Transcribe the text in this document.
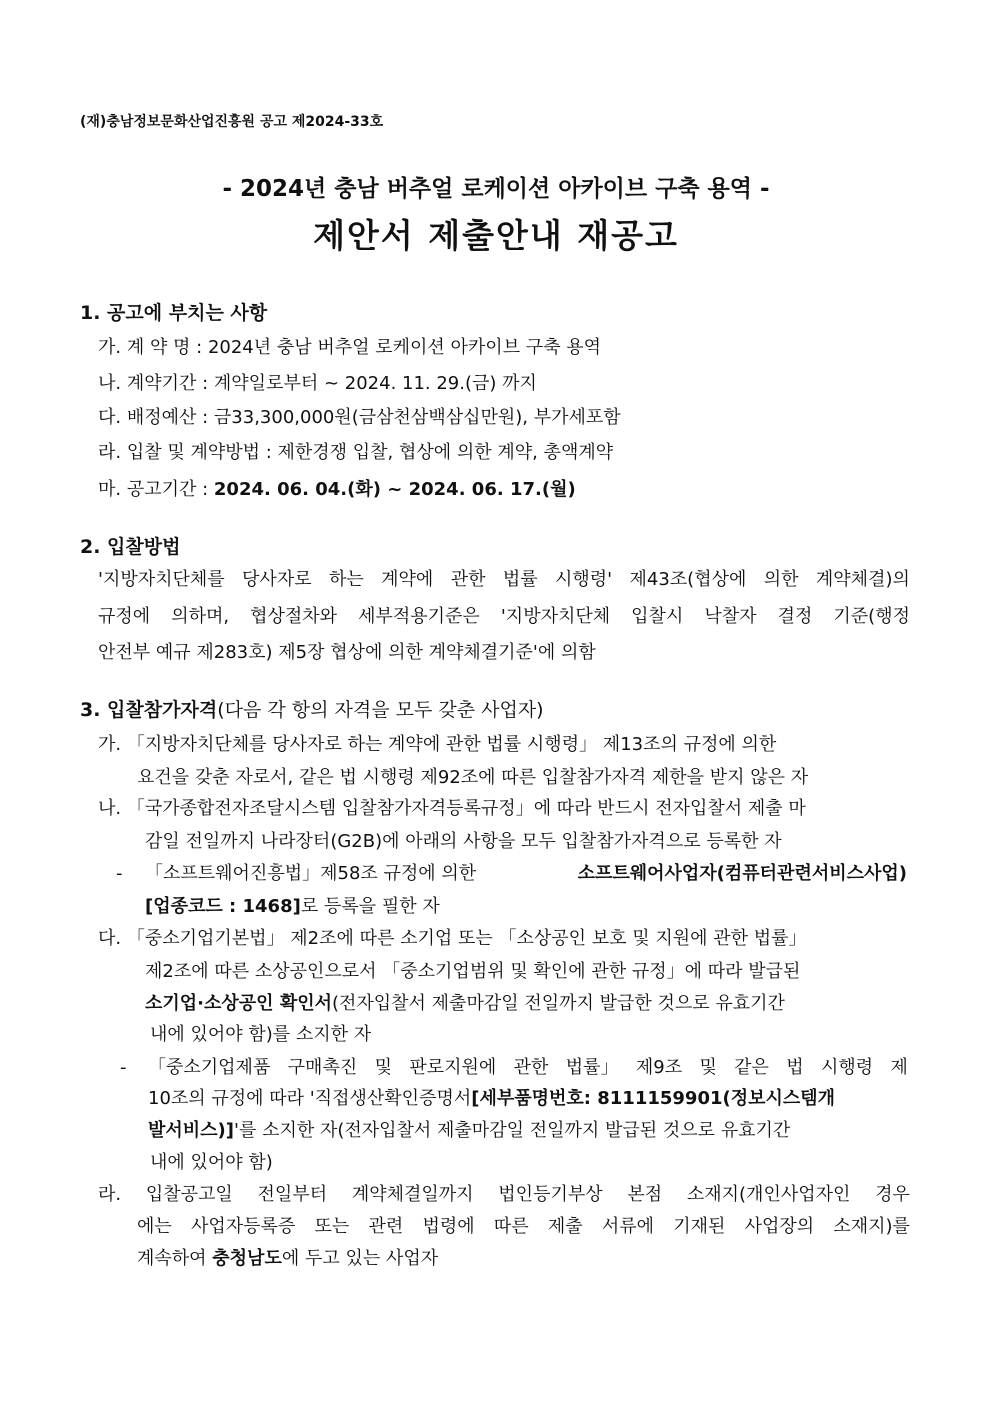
(재)충남정보문화산업진흥원 공고 제2024-33호
- 2024년 충남 버추얼 로케이션 아카이브 구축 용역 -
제안서 제출안내 재공고
1. 공고에 부치는 사항
가. 계 약 명 : 2024년 충남 버추얼 로케이션 아카이브 구축 용역
나. 계약기간 : 계약일로부터 ~ 2024. 11. 29.(금) 까지
다. 배정예산 : 금33,300,000원(금삼천삼백삼십만원), 부가세포함
라. 입찰 및 계약방법 : 제한경쟁 입찰, 협상에 의한 계약, 총액계약
마. 공고기간 : 2024. 06. 04.(화) ~ 2024. 06. 17.(월)
2. 입찰방법
'지방자치단체를 당사자로 하는 계약에 관한 법률 시행령' 제43조(협상에 의한 계약체결)의
규정에 의하며, 협상절차와 세부적용기준은 '지방자치단체 입찰시 낙찰자 결정 기준(행정
안전부 예규 제283호) 제5장 협상에 의한 계약체결기준'에 의함
3. 입찰참가자격(다음 각 항의 자격을 모두 갖춘 사업자)
가. 「지방자치단체를 당사자로 하는 계약에 관한 법률 시행령」 제13조의 규정에 의한
요건을 갖춘 자로서, 같은 법 시행령 제92조에 따른 입찰참가자격 제한을 받지 않은 자
나. 「국가종합전자조달시스템 입찰참가자격등록규정」에 따라 반드시 전자입찰서 제출 마
감일 전일까지 나라장터(G2B)에 아래의 사항을 모두 입찰참가자격으로 등록한 자
- 「소프트웨어진흥법」제58조 규정에 의한	소프트웨어사업자(컴퓨터관련서비스사업)
[업종코드 : 1468]로 등록을 필한 자
다. 「중소기업기본법」 제2조에 따른 소기업 또는 「소상공인 보호 및 지원에 관한 법률」
제2조에 따른 소상공인으로서 「중소기업범위 및 확인에 관한 규정」에 따라 발급된
소기업·소상공인 확인서(전자입찰서 제출마감일 전일까지 발급한 것으로 유효기간
내에 있어야 함)를 소지한 자
- 「중소기업제품 구매촉진 및 판로지원에 관한 법률」 제9조 및 같은 법 시행령 제
10조의 규정에 따라 '직접생산확인증명서[세부품명번호: 8111159901(정보시스템개
발서비스)]'를 소지한 자(전자입찰서 제출마감일 전일까지 발급된 것으로 유효기간
내에 있어야 함)
라. 입찰공고일 전일부터 계약체결일까지 법인등기부상 본점 소재지(개인사업자인 경우
에는 사업자등록증 또는 관련 법령에 따른 제출 서류에 기재된 사업장의 소재지)를
계속하여 충청남도에 두고 있는 사업자
